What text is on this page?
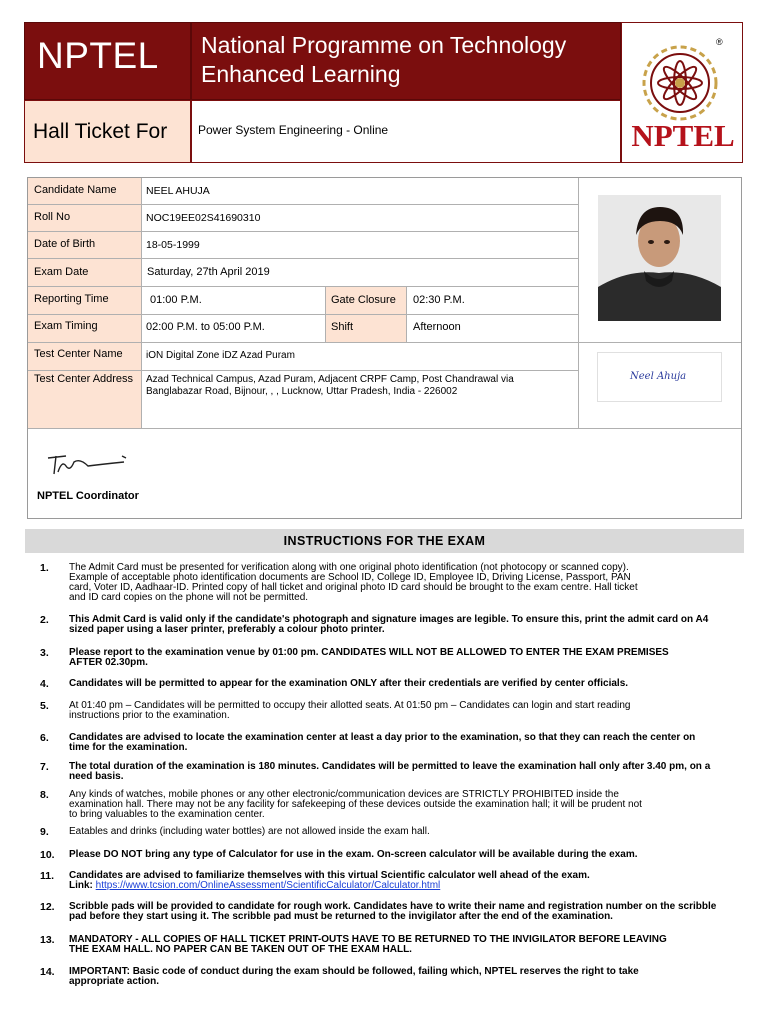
NPTEL National Programme on Technology
Enhanced Learning
®
NPTEL
Hall Ticket For	Power System Engineering - Online
Candidate Name
Roll No
Date of Birth
Exam Date
Reporting Time
Exam Timing
Test Center Name
Test Center Address
Gate Closure
Shift
NEEL AHUJA
NOC19EE02S41690310
18-05-1999
Saturday, 27th April 2019
01:00 P.M.
02:00 P.M. to 05:00 P.M.
02:30 P.M.
Afternoon
iON Digital Zone iDZ Azad Puram
Azad Technical Campus, Azad Puram, Adjacent CRPF Camp, Post Chandrawal via
Banglabazar Road, Bijnour, , , Lucknow, Uttar Pradesh, India - 226002
Neel Ahuja
NPTEL Coordinator
INSTRUCTIONS FOR THE EXAM
1. The Admit Card must be presented for verification along with one original photo identification (not photocopy or scanned copy).
Example of acceptable photo identification documents are School ID, College ID, Employee ID, Driving License, Passport, PAN
card, Voter ID, Aadhaar-ID. Printed copy of hall ticket and original photo ID card should be brought to the exam centre. Hall ticket
and ID card copies on the phone will not be permitted.
2. This Admit Card is valid only if the candidate's photograph and signature images are legible. To ensure this, print the admit card on A4
sized paper using a laser printer, preferably a colour photo printer.
3. Please report to the examination venue by 01:00 pm. CANDIDATES WILL NOT BE ALLOWED TO ENTER THE EXAM PREMISES
AFTER 02.30pm.
4. Candidates will be permitted to appear for the examination ONLY after their credentials are verified by center officials.
5. At 01:40 pm – Candidates will be permitted to occupy their allotted seats. At 01:50 pm – Candidates can login and start reading
instructions prior to the examination.
6. Candidates are advised to locate the examination center at least a day prior to the examination, so that they can reach the center on
time for the examination.
7. The total duration of the examination is 180 minutes. Candidates will be permitted to leave the examination hall only after 3.40 pm, on a
need basis.
8. Any kinds of watches, mobile phones or any other electronic/communication devices are STRICTLY PROHIBITED inside the
examination hall. There may not be any facility for safekeeping of these devices outside the examination hall; it will be prudent not
to bring valuables to the examination center.
9. Eatables and drinks (including water bottles) are not allowed inside the exam hall.
10. Please DO NOT bring any type of Calculator for use in the exam. On-screen calculator will be available during the exam.
11. Candidates are advised to familiarize themselves with this virtual Scientific calculator well ahead of the exam.
Link: https://www.tcsion.com/OnlineAssessment/ScientificCalculator/Calculator.html
12. Scribble pads will be provided to candidate for rough work. Candidates have to write their name and registration number on the scribble
pad before they start using it. The scribble pad must be returned to the invigilator after the end of the examination.
13. MANDATORY - ALL COPIES OF HALL TICKET PRINT-OUTS HAVE TO BE RETURNED TO THE INVIGILATOR BEFORE LEAVING
THE EXAM HALL. NO PAPER CAN BE TAKEN OUT OF THE EXAM HALL.
14. IMPORTANT: Basic code of conduct during the exam should be followed, failing which, NPTEL reserves the right to take
appropriate action.
